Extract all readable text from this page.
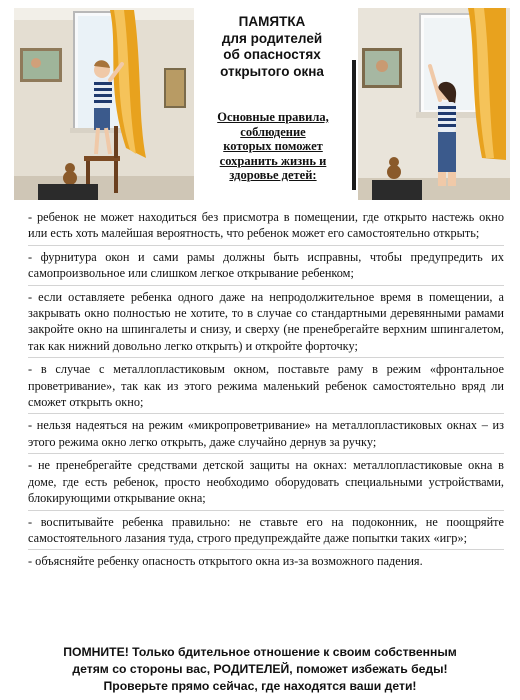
ПАМЯТКА
для родителей
об опасностях
открытого окна
Основные правила,
соблюдение
которых поможет
сохранить жизнь и
здоровье детей:

- ребенок не может находиться без присмотра в помещении, где открыто настежь окно или есть хоть малейшая вероятность, что ребенок может его самостоятельно открыть;

- фурнитура окон и сами рамы должны быть исправны, чтобы предупредить их самопроизвольное или слишком легкое открывание ребенком;

- если оставляете ребенка одного даже на непродолжительное время в помещении, а закрывать окно полностью не хотите, то в случае со стандартными деревянными рамами закройте окно на шпингалеты и снизу, и сверху (не пренебрегайте верхним шпингалетом, так как нижний довольно легко открыть) и откройте форточку;

- в случае с металлопластиковым окном, поставьте раму в режим «фронтальное проветривание», так как из этого режима маленький ребенок самостоятельно вряд ли сможет открыть окно;

- нельзя надеяться на режим «микропроветривание» на металлопластиковых окнах – из этого режима окно легко открыть, даже случайно дернув за ручку;

- не пренебрегайте средствами детской защиты на окнах: металлопластиковые окна в доме, где есть ребенок, просто необходимо оборудовать специальными устройствами, блокирующими открывание окна;

- воспитывайте ребенка правильно: не ставьте его на подоконник, не поощряйте самостоятельного лазания туда, строго предупреждайте даже попытки таких «игр»;

- объясняйте ребенку опасность открытого окна из-за возможного падения.

ПОМНИТЕ! Только бдительное отношение к своим собственным
детям со стороны вас, РОДИТЕЛЕЙ, поможет избежать беды!
Проверьте прямо сейчас, где находятся ваши дети!
